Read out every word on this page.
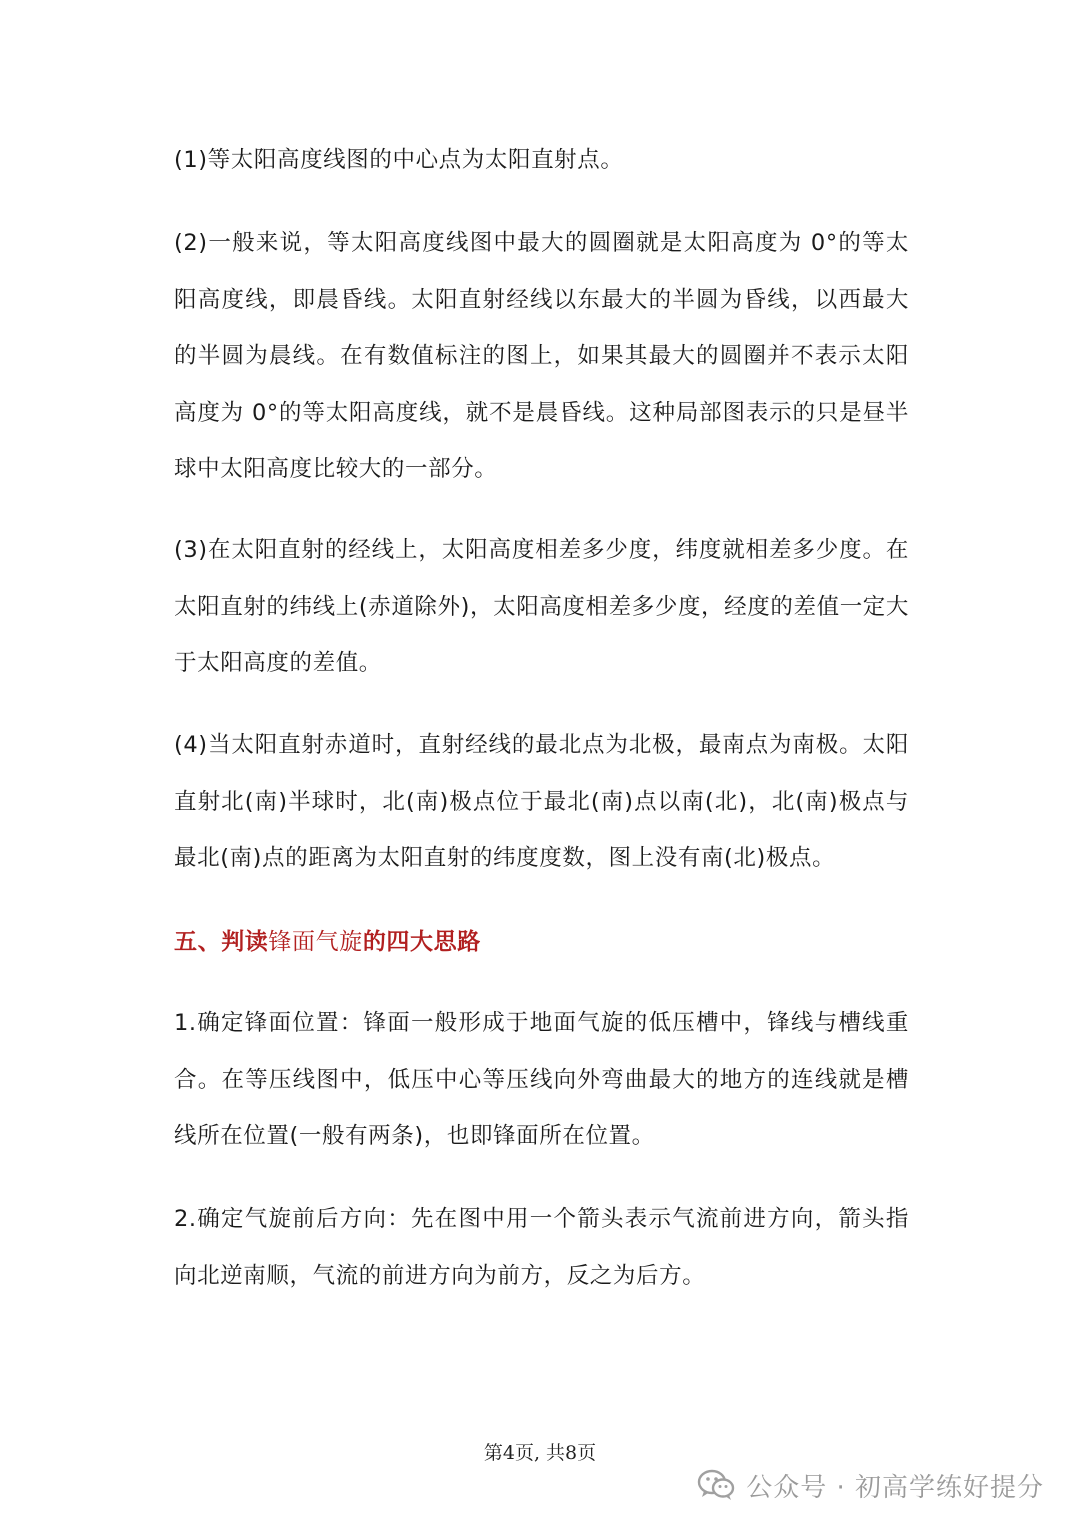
(1)等太阳高度线图的中心点为太阳直射点。

(2)一般来说，等太阳高度线图中最大的圆圈就是太阳高度为 0°的等太阳高度线，即晨昏线。太阳直射经线以东最大的半圆为昏线，以西最大的半圆为晨线。在有数值标注的图上，如果其最大的圆圈并不表示太阳高度为 0°的等太阳高度线，就不是晨昏线。这种局部图表示的只是昼半球中太阳高度比较大的一部分。

(3)在太阳直射的经线上，太阳高度相差多少度，纬度就相差多少度。在太阳直射的纬线上(赤道除外)，太阳高度相差多少度，经度的差值一定大于太阳高度的差值。

(4)当太阳直射赤道时，直射经线的最北点为北极，最南点为南极。太阳直射北(南)半球时，北(南)极点位于最北(南)点以南(北)，北(南)极点与最北(南)点的距离为太阳直射的纬度度数，图上没有南(北)极点。

五、判读锋面气旋的四大思路

1.确定锋面位置：锋面一般形成于地面气旋的低压槽中，锋线与槽线重合。在等压线图中，低压中心等压线向外弯曲最大的地方的连线就是槽线所在位置(一般有两条)，也即锋面所在位置。

2.确定气旋前后方向：先在图中用一个箭头表示气流前进方向，箭头指向北逆南顺，气流的前进方向为前方，反之为后方。

第4页, 共8页
公众号 · 初高学练好提分
